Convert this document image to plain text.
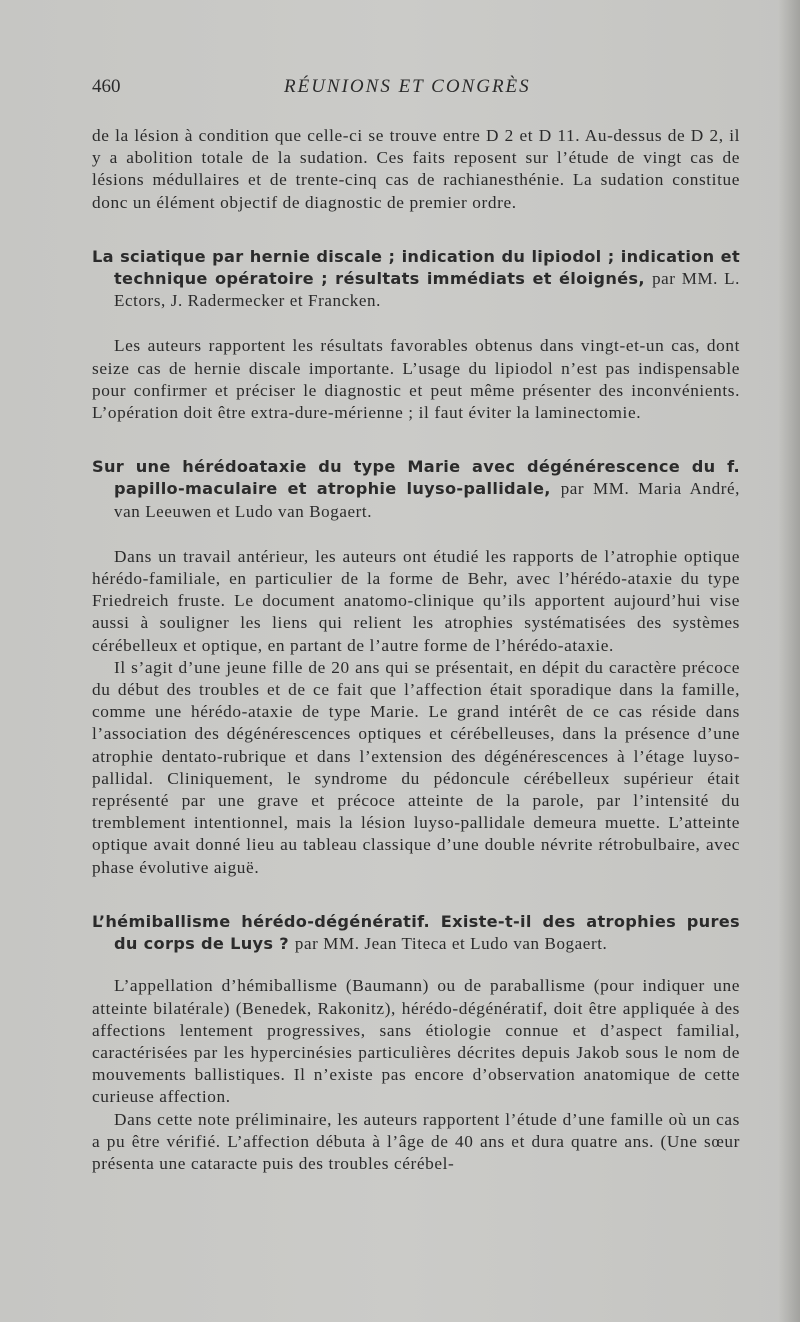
460	RÉUNIONS ET CONGRÈS

de la lésion à condition que celle-ci se trouve entre D 2 et D 11. Au-dessus de D 2, il y a abolition totale de la sudation. Ces faits reposent sur l’étude de vingt cas de lésions médullaires et de trente-cinq cas de rachianesthénie. La sudation constitue donc un élément objectif de diagnostic de premier ordre.

La sciatique par hernie discale ; indication du lipiodol ; indication et technique opératoire ; résultats immédiats et éloignés, par MM. L. Ectors, J. Radermecker et Francken.

Les auteurs rapportent les résultats favorables obtenus dans vingt-et-un cas, dont seize cas de hernie discale importante. L’usage du lipiodol n’est pas indispensable pour confirmer et préciser le diagnostic et peut même présenter des inconvénients. L’opération doit être extra-dure-mérienne ; il faut éviter la laminectomie.

Sur une hérédoataxie du type Marie avec dégénérescence du f. papillo-maculaire et atrophie luyso-pallidale, par MM. Maria André, van Leeuwen et Ludo van Bogaert.

Dans un travail antérieur, les auteurs ont étudié les rapports de l’atrophie optique hérédo-familiale, en particulier de la forme de Behr, avec l’hérédo-ataxie du type Friedreich fruste. Le document anatomo-clinique qu’ils apportent aujourd’hui vise aussi à souligner les liens qui relient les atrophies systématisées des systèmes cérébelleux et optique, en partant de l’autre forme de l’hérédo-ataxie.

Il s’agit d’une jeune fille de 20 ans qui se présentait, en dépit du caractère précoce du début des troubles et de ce fait que l’affection était sporadique dans la famille, comme une hérédo-ataxie de type Marie. Le grand intérêt de ce cas réside dans l’association des dégénérescences optiques et cérébelleuses, dans la présence d’une atrophie dentato-rubrique et dans l’extension des dégénérescences à l’étage luyso-pallidal. Cliniquement, le syndrome du pédoncule cérébelleux supérieur était représenté par une grave et précoce atteinte de la parole, par l’intensité du tremblement intentionnel, mais la lésion luyso-pallidale demeura muette. L’atteinte optique avait donné lieu au tableau classique d’une double névrite rétrobulbaire, avec phase évolutive aiguë.

L’hémiballisme hérédo-dégénératif. Existe-t-il des atrophies pures du corps de Luys ? par MM. Jean Titeca et Ludo van Bogaert.

L’appellation d’hémiballisme (Baumann) ou de paraballisme (pour indiquer une atteinte bilatérale) (Benedek, Rakonitz), hérédo-dégénératif, doit être appliquée à des affections lentement progressives, sans étiologie connue et d’aspect familial, caractérisées par les hypercinésies particulières décrites depuis Jakob sous le nom de mouvements ballistiques. Il n’existe pas encore d’observation anatomique de cette curieuse affection.

Dans cette note préliminaire, les auteurs rapportent l’étude d’une famille où un cas a pu être vérifié. L’affection débuta à l’âge de 40 ans et dura quatre ans. (Une sœur présenta une cataracte puis des troubles cérébel-
